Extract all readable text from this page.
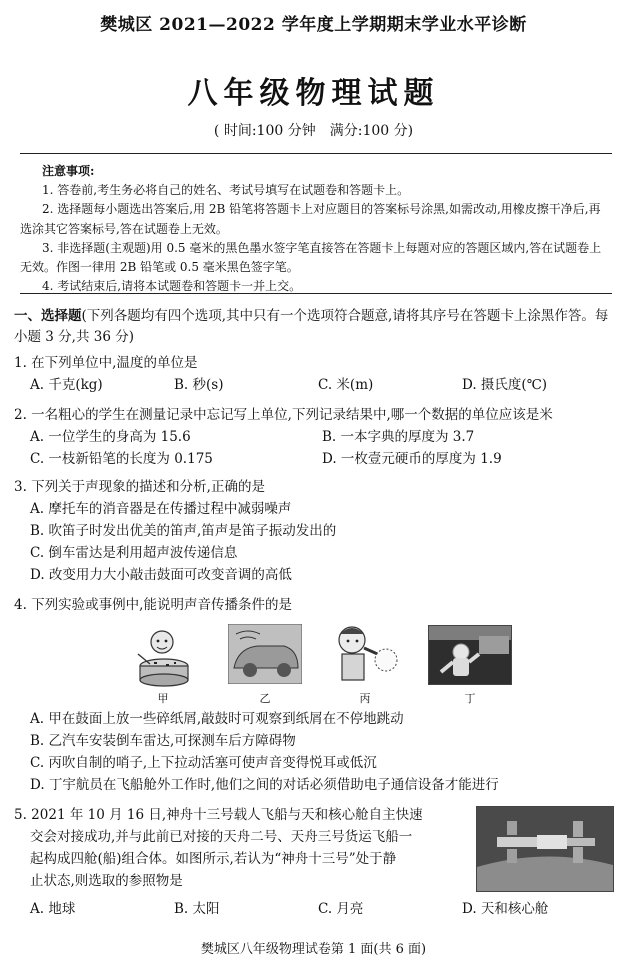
樊城区 2021—2022 学年度上学期期末学业水平诊断
八年级物理试题
( 时间:100 分钟　满分:100 分)
注意事项:
1. 答卷前,考生务必将自己的姓名、考试号填写在试题卷和答题卡上。
2. 选择题每小题选出答案后,用 2B 铅笔将答题卡上对应题目的答案标号涂黑,如需改动,用橡皮擦干净后,再选涂其它答案标号,答在试题卷上无效。
3. 非选择题(主观题)用 0.5 毫米的黑色墨水签字笔直接答在答题卡上每题对应的答题区域内,答在试题卷上无效。作图一律用 2B 铅笔或 0.5 毫米黑色签字笔。
4. 考试结束后,请将本试题卷和答题卡一并上交。
一、选择题(下列各题均有四个选项,其中只有一个选项符合题意,请将其序号在答题卡上涂黑作答。每小题 3 分,共 36 分)
1. 在下列单位中,温度的单位是
A. 千克(kg)	B. 秒(s)	C. 米(m)	D. 摄氏度(℃)
2. 一名粗心的学生在测量记录中忘记写上单位,下列记录结果中,哪一个数据的单位应该是米
A. 一位学生的身高为 15.6	B. 一本字典的厚度为 3.7
C. 一枝新铅笔的长度为 0.175	D. 一枚壹元硬币的厚度为 1.9
3. 下列关于声现象的描述和分析,正确的是
A. 摩托车的消音器是在传播过程中减弱噪声
B. 吹笛子时发出优美的笛声,笛声是笛子振动发出的
C. 倒车雷达是利用超声波传递信息
D. 改变用力大小敲击鼓面可改变音调的高低
4. 下列实验或事例中,能说明声音传播条件的是
甲	乙	丙	丁
A. 甲在鼓面上放一些碎纸屑,敲鼓时可观察到纸屑在不停地跳动
B. 乙汽车安装倒车雷达,可探测车后方障碍物
C. 丙吹自制的哨子,上下拉动活塞可使声音变得悦耳或低沉
D. 丁宇航员在飞船舱外工作时,他们之间的对话必须借助电子通信设备才能进行
5. 2021 年 10 月 16 日,神舟十三号载人飞船与天和核心舱自主快速
交会对接成功,并与此前已对接的天舟二号、天舟三号货运飞船一
起构成四舱(船)组合体。如图所示,若认为“神舟十三号”处于静
止状态,则选取的参照物是
A. 地球	B. 太阳	C. 月亮	D. 天和核心舱
樊城区八年级物理试卷第 1 面(共 6 面)
